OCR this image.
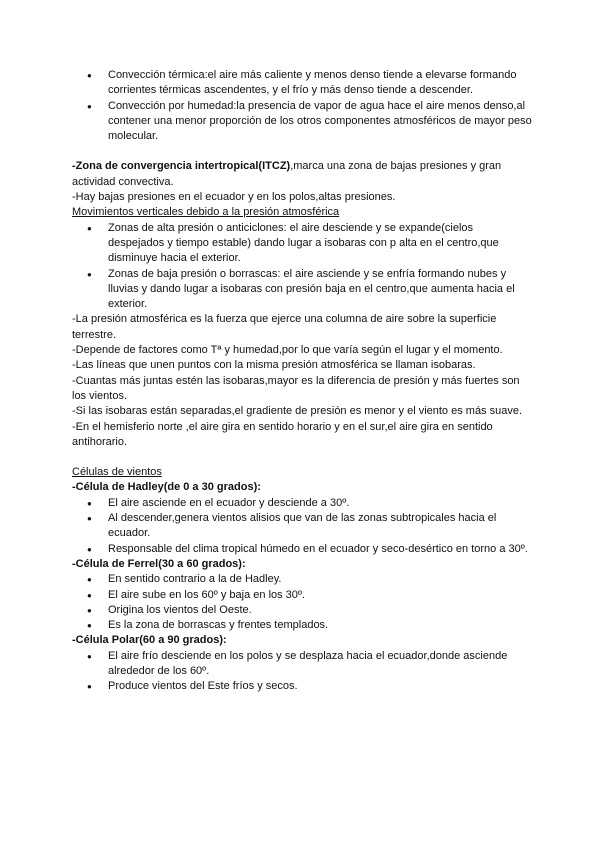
● Convección térmica:el aire más caliente y menos denso tiende a elevarse formando corrientes térmicas ascendentes, y el frío y más denso tiende a descender.
● Convección por humedad:la presencia de vapor de agua hace el aire menos denso,al contener una menor proporción de los otros componentes atmosféricos de mayor peso molecular.

-Zona de convergencia intertropical(ITCZ),marca una zona de bajas presiones y gran actividad convectiva.

-Hay bajas presiones en el ecuador y en los polos,altas presiones.

Movimientos verticales debido a la presión atmosférica

● Zonas de alta presión o anticiclones: el aire desciende y se expande(cielos despejados y tiempo estable) dando lugar a isobaras con p alta en el centro,que disminuye hacia el exterior.
● Zonas de baja presión o borrascas: el aire asciende y se enfría formando nubes y lluvias y dando lugar a isobaras con presión baja en el centro,que aumenta hacia el exterior.

-La presión atmosférica es la fuerza que ejerce una columna de aire sobre la superficie terrestre.

-Depende de factores como Tª y humedad,por lo que varía según el lugar y el momento.

-Las líneas que unen puntos con la misma presión atmosférica se llaman isobaras.

-Cuantas más juntas estén las isobaras,mayor es la diferencia de presión y más fuertes son los vientos.

-Si las isobaras están separadas,el gradiente de presión es menor y el viento es más suave.

-En el hemisferio norte ,el aire gira en sentido horario y en el sur,el aire gira en sentido antihorario.

Células de vientos

-Célula de Hadley(de 0 a 30 grados):

● El aire asciende en el ecuador y desciende a 30º.
● Al descender,genera vientos alisios que van de las zonas subtropicales hacia el ecuador.
● Responsable del clima tropical húmedo en el ecuador y seco-desértico en torno a 30º.

-Célula de Ferrel(30 a 60 grados):

● En sentido contrario a la de Hadley.
● El aire sube en los 60º y baja en los 30º.
● Origina los vientos del Oeste.
● Es la zona de borrascas y frentes templados.

-Célula Polar(60 a 90 grados):

● El aire frío desciende en los polos y se desplaza hacia el ecuador,donde asciende alrededor de los 60º.
● Produce vientos del Este fríos y secos.
